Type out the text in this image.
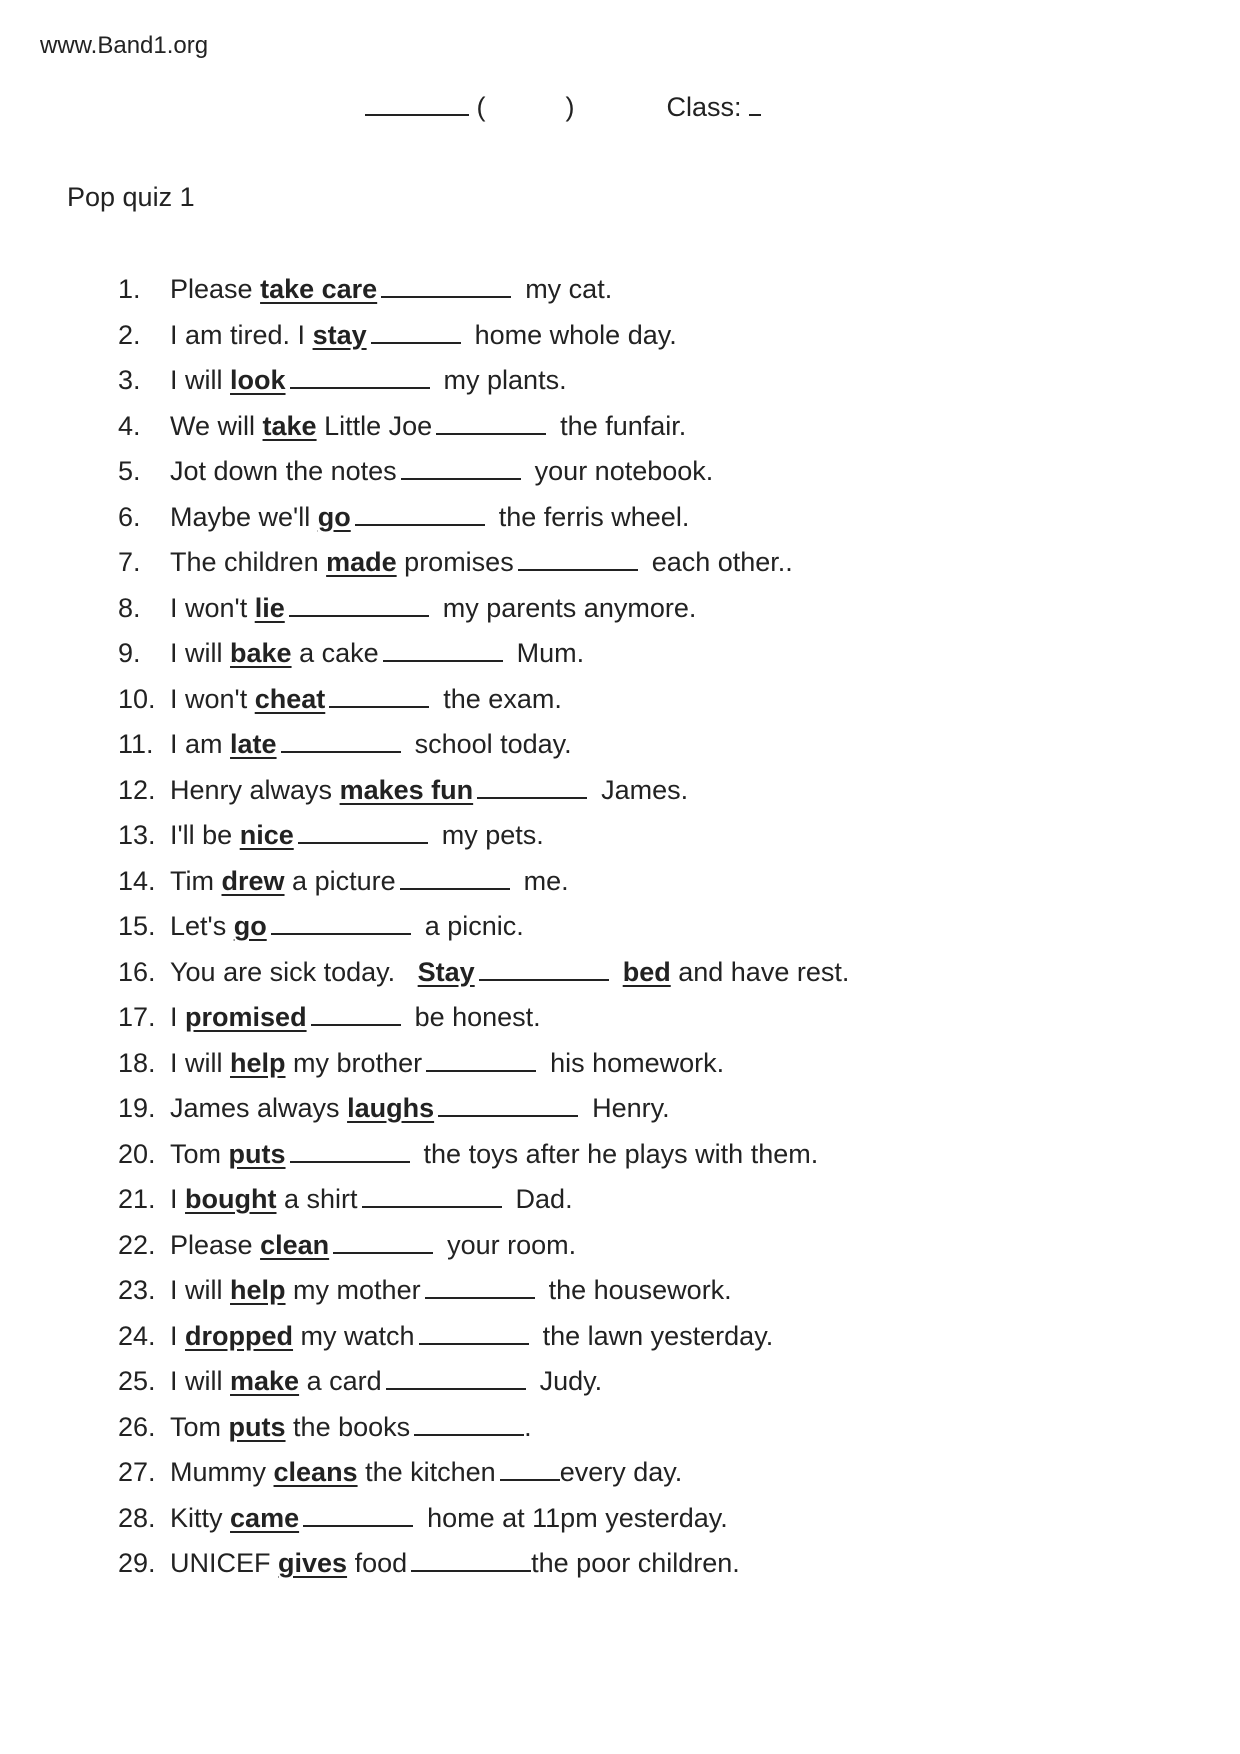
www.Band1.org
(	)	Class:
Pop quiz 1
1. Please take care	my cat.
2. I am tired. I stay	home whole day.
3. I will look	my plants.
4. We will take Little Joe	the funfair.
5. Jot down the notes	your notebook.
6. Maybe we'll go	the ferris wheel.
7. The children made promises	each other..
8. I won't lie	my parents anymore.
9. I will bake a cake	Mum.
10. I won't cheat	the exam.
11. I am late	school today.
12. Henry always makes fun	James.
13. I'll be nice	my pets.
14. Tim drew a picture	me.
15. Let's go	a picnic.
16. You are sick today. Stay	bed and have rest.
17. I promised	be honest.
18. I will help my brother	his homework.
19. James always laughs	Henry.
20. Tom puts	the toys after he plays with them.
21. I bought a shirt	Dad.
22. Please clean	your room.
23. I will help my mother	the housework.
24. I dropped my watch	the lawn yesterday.
25. I will make a card	Judy.
26. Tom puts the books	.
27. Mummy cleans the kitchen every day.
28. Kitty came	home at 11pm yesterday.
29. UNICEF gives food	the poor children.
